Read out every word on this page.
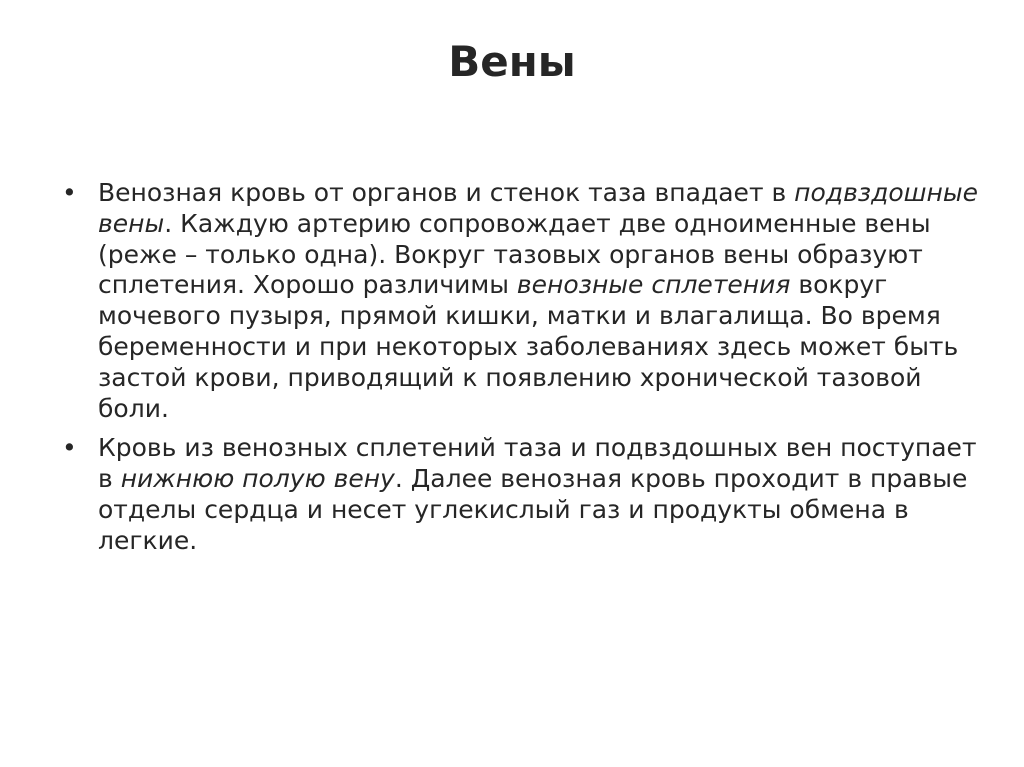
Вены
• Венозная кровь от органов и стенок таза впадает в подвздошные вены. Каждую артерию сопровождает две одноименные вены (реже – только одна). Вокруг тазовых органов вены образуют сплетения. Хорошо различимы венозные сплетения вокруг мочевого пузыря, прямой кишки, матки и влагалища. Во время беременности и при некоторых заболеваниях здесь может быть застой крови, приводящий к появлению хронической тазовой боли.
• Кровь из венозных сплетений таза и подвздошных вен поступает в нижнюю полую вену. Далее венозная кровь проходит в правые отделы сердца и несет углекислый газ и продукты обмена в легкие.
